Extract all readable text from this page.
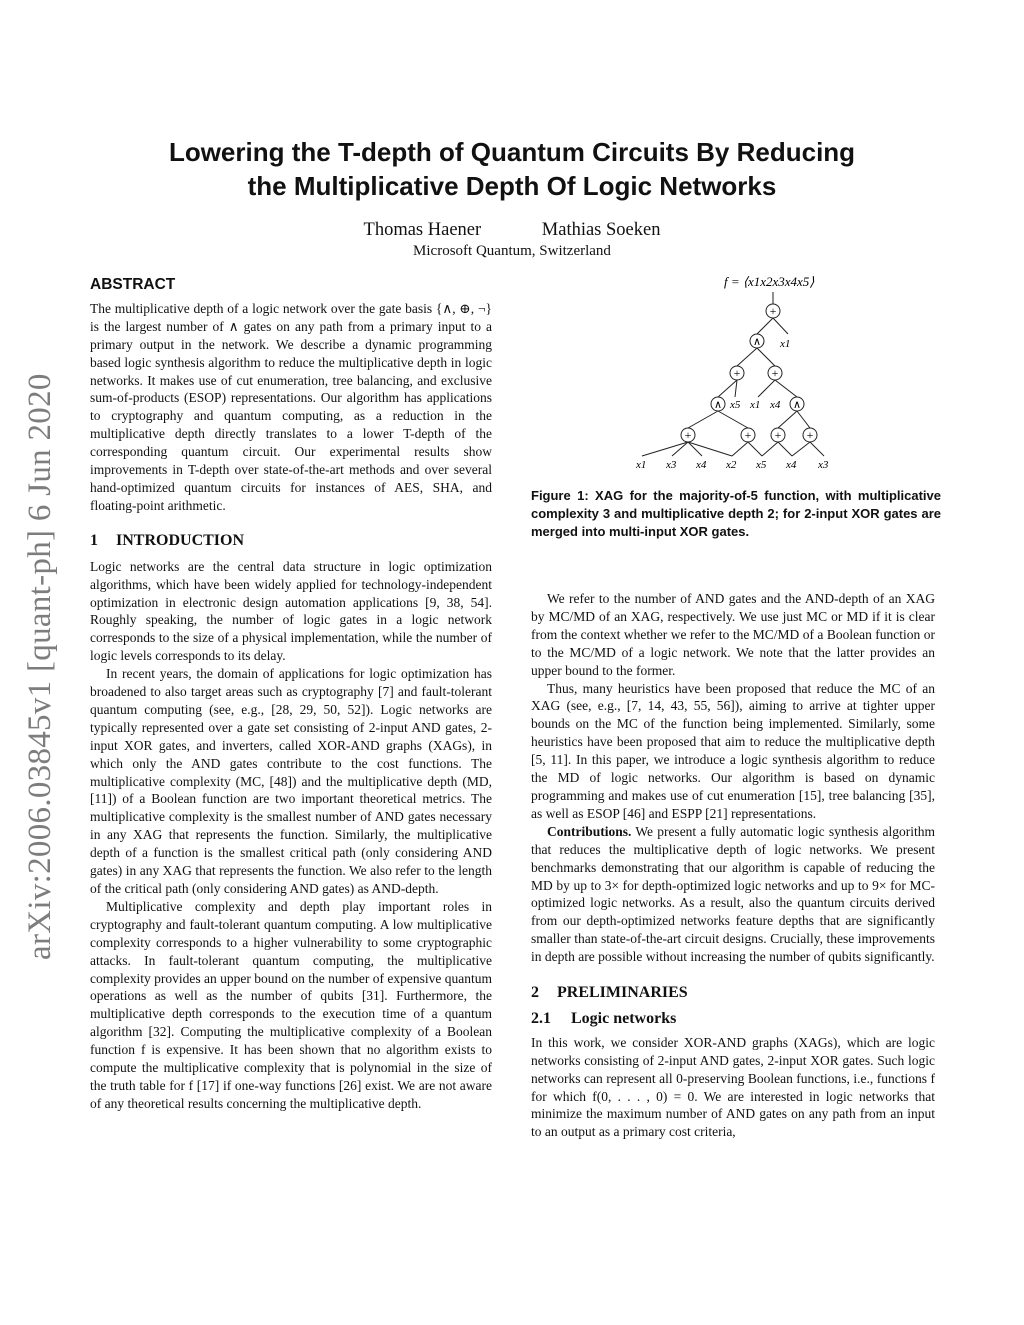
arXiv:2006.03845v1 [quant-ph] 6 Jun 2020
Lowering the T-depth of Quantum Circuits By Reducing
the Multiplicative Depth Of Logic Networks
Thomas Haener	Mathias Soeken
Microsoft Quantum, Switzerland
ABSTRACT

The multiplicative depth of a logic network over the gate basis {∧, ⊕, ¬} is the largest number of ∧ gates on any path from a primary input to a primary output in the network. We describe a dynamic programming based logic synthesis algorithm to reduce the multiplicative depth in logic networks. It makes use of cut enumeration, tree balancing, and exclusive sum-of-products (ESOP) representations. Our algorithm has applications to cryptography and quantum computing, as a reduction in the multiplicative depth directly translates to a lower T-depth of the corresponding quantum circuit. Our experimental results show improvements in T-depth over state-of-the-art methods and over several hand-optimized quantum circuits for instances of AES, SHA, and floating-point arithmetic.

1 INTRODUCTION

Logic networks are the central data structure in logic optimization algorithms, which have been widely applied for technology-independent optimization in electronic design automation applications [9, 38, 54]. Roughly speaking, the number of logic gates in a logic network corresponds to the size of a physical implementation, while the number of logic levels corresponds to its delay.

In recent years, the domain of applications for logic optimization has broadened to also target areas such as cryptography [7] and fault-tolerant quantum computing (see, e.g., [28, 29, 50, 52]). Logic networks are typically represented over a gate set consisting of 2-input AND gates, 2-input XOR gates, and inverters, called XOR-AND graphs (XAGs), in which only the AND gates contribute to the cost functions. The multiplicative complexity (MC, [48]) and the multiplicative depth (MD, [11]) of a Boolean function are two important theoretical metrics. The multiplicative complexity is the smallest number of AND gates necessary in any XAG that represents the function. Similarly, the multiplicative depth of a function is the smallest critical path (only considering AND gates) in any XAG that represents the function. We also refer to the length of the critical path (only considering AND gates) as AND-depth.

Multiplicative complexity and depth play important roles in cryptography and fault-tolerant quantum computing. A low multiplicative complexity corresponds to a higher vulnerability to some cryptographic attacks. In fault-tolerant quantum computing, the multiplicative complexity provides an upper bound on the number of expensive quantum operations as well as the number of qubits [31]. Furthermore, the multiplicative depth corresponds to the execution time of a quantum algorithm [32]. Computing the multiplicative complexity of a Boolean function f is expensive. It has been shown that no algorithm exists to compute the multiplicative complexity that is polynomial in the size of the truth table for f [17] if one-way functions [26] exist. We are not aware of any theoretical results concerning the multiplicative depth.

f = ⟨x1x2x3x4x5⟩
+
∧
+	+
∧	∧
+	+ + +
x1
x5 x1 x4
x1 x3 x4 x2 x5 x4 x3
Figure 1: XAG for the majority-of-5 function, with multiplicative complexity 3 and multiplicative depth 2; for 2-input XOR gates are merged into multi-input XOR gates.

We refer to the number of AND gates and the AND-depth of an XAG by MC/MD of an XAG, respectively. We use just MC or MD if it is clear from the context whether we refer to the MC/MD of a Boolean function or to the MC/MD of a logic network. We note that the latter provides an upper bound to the former.

Thus, many heuristics have been proposed that reduce the MC of an XAG (see, e.g., [7, 14, 43, 55, 56]), aiming to arrive at tighter upper bounds on the MC of the function being implemented. Similarly, some heuristics have been proposed that aim to reduce the multiplicative depth [5, 11]. In this paper, we introduce a logic synthesis algorithm to reduce the MD of logic networks. Our algorithm is based on dynamic programming and makes use of cut enumeration [15], tree balancing [35], as well as ESOP [46] and ESPP [21] representations.

Contributions. We present a fully automatic logic synthesis algorithm that reduces the multiplicative depth of logic networks. We present benchmarks demonstrating that our algorithm is capable of reducing the MD by up to 3× for depth-optimized logic networks and up to 9× for MC-optimized logic networks. As a result, also the quantum circuits derived from our depth-optimized networks feature depths that are significantly smaller than state-of-the-art circuit designs. Crucially, these improvements in depth are possible without increasing the number of qubits significantly.

2 PRELIMINARIES
2.1 Logic networks

In this work, we consider XOR-AND graphs (XAGs), which are logic networks consisting of 2-input AND gates, 2-input XOR gates. Such logic networks can represent all 0-preserving Boolean functions, i.e., functions f for which f(0, . . . , 0) = 0. We are interested in logic networks that minimize the maximum number of AND gates on any path from an input to an output as a primary cost criteria,
